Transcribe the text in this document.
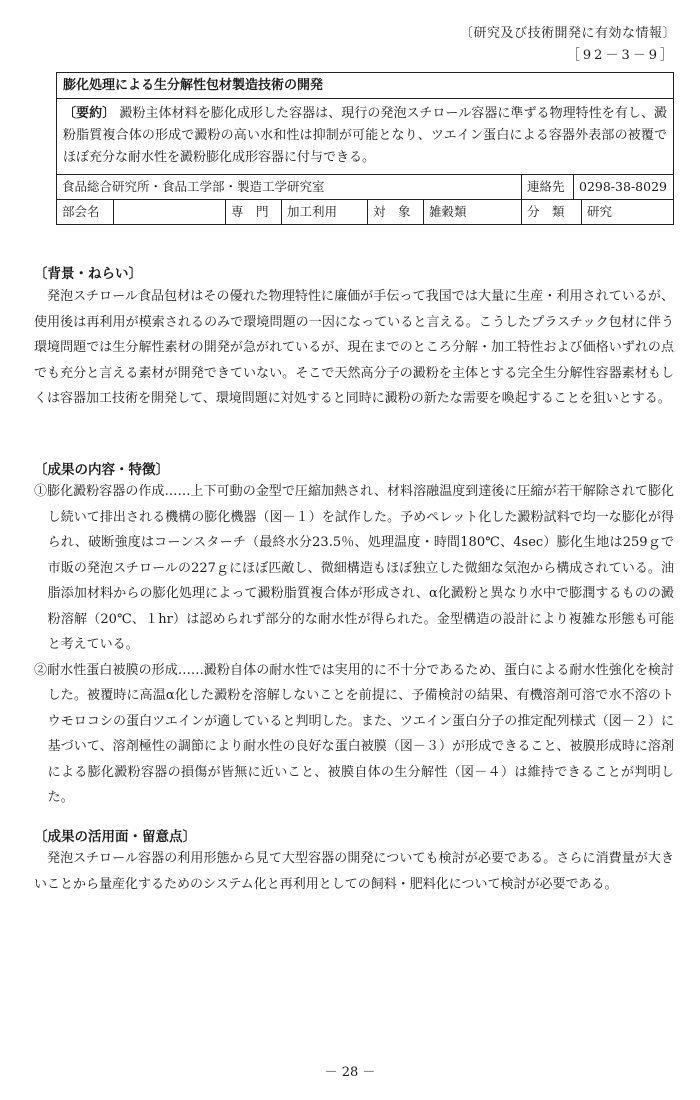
〔研究及び技術開発に有効な情報〕
［92－3－9］
膨化処理による生分解性包材製造技術の開発
〔要約〕 澱粉主体材料を膨化成形した容器は、現行の発泡スチロール容器に準ずる物理特性を有し、澱粉脂質複合体の形成で澱粉の高い水和性は抑制が可能となり、ツエイン蛋白による容器外表部の被覆でほぼ充分な耐水性を澱粉膨化成形容器に付与できる。
食品総合研究所・食品工学部・製造工学研究室	連絡先	0298-38-8029
部会名	専　門	加工利用	対　象	雑穀類	分　類	研究
〔背景・ねらい〕

発泡スチロール食品包材はその優れた物理特性に廉価が手伝って我国では大量に生産・利用されているが、使用後は再利用が模索されるのみで環境問題の一因になっていると言える。こうしたプラスチック包材に伴う環境問題では生分解性素材の開発が急がれているが、現在までのところ分解・加工特性および価格いずれの点でも充分と言える素材が開発できていない。そこで天然高分子の澱粉を主体とする完全生分解性容器素材もしくは容器加工技術を開発して、環境問題に対処すると同時に澱粉の新たな需要を喚起することを狙いとする。

〔成果の内容・特徴〕

①膨化澱粉容器の作成……上下可動の金型で圧縮加熱され、材料溶融温度到達後に圧縮が若干解除されて膨化し続いて排出される機構の膨化機器（図－１）を試作した。予めペレット化した澱粉試料で均一な膨化が得られ、破断強度はコーンスターチ（最終水分23.5％、処理温度・時間180℃、4sec）膨化生地は259ｇで市販の発泡スチロールの227ｇにほぼ匹敵し、微細構造もほぼ独立した微細な気泡から構成されている。油脂添加材料からの膨化処理によって澱粉脂質複合体が形成され、α化澱粉と異なり水中で膨潤するものの澱粉溶解（20℃、１hr）は認められず部分的な耐水性が得られた。金型構造の設計により複雑な形態も可能と考えている。

②耐水性蛋白被膜の形成……澱粉自体の耐水性では実用的に不十分であるため、蛋白による耐水性強化を検討した。被覆時に高温α化した澱粉を溶解しないことを前提に、予備検討の結果、有機溶剤可溶で水不溶のトウモロコシの蛋白ツエインが適していると判明した。また、ツエイン蛋白分子の推定配列様式（図－２）に基づいて、溶剤極性の調節により耐水性の良好な蛋白被膜（図－３）が形成できること、被膜形成時に溶剤による膨化澱粉容器の損傷が皆無に近いこと、被膜自体の生分解性（図－４）は維持できることが判明した。

〔成果の活用面・留意点〕

発泡スチロール容器の利用形態から見て大型容器の開発についても検討が必要である。さらに消費量が大きいことから量産化するためのシステム化と再利用としての飼料・肥料化について検討が必要である。

－ 28 －
